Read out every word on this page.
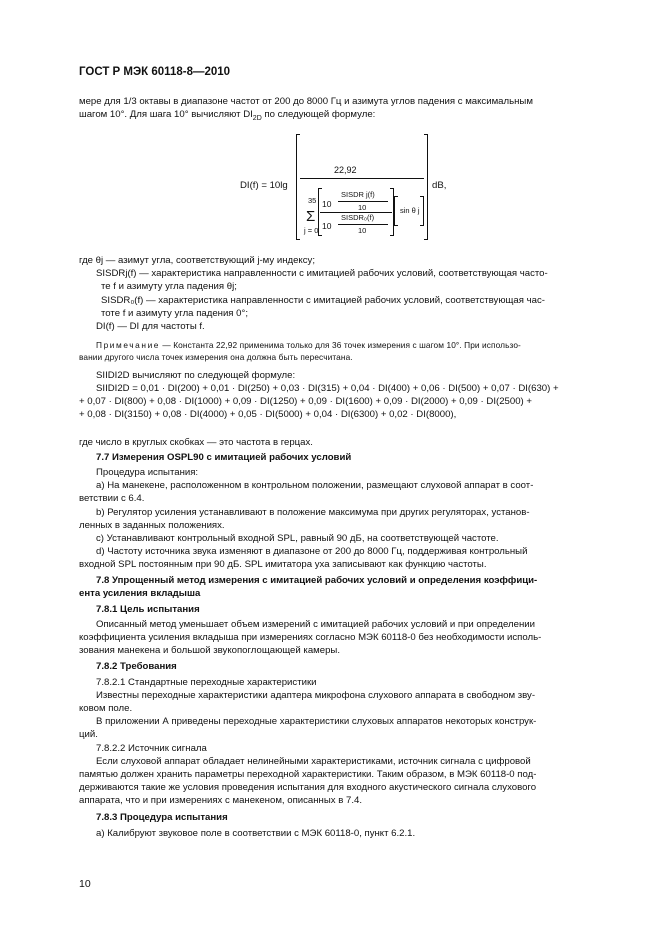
ГОСТ Р МЭК 60118-8—2010
мере для 1/3 октавы в диапазоне частот от 200 до 8000 Гц и азимута углов падения с максимальным
шагом 10°. Для шага 10° вычисляют $DI_{2D}$ по следующей формуле:
DI(f) = 10lg
22,92
dB,
35
Σ
j = 0
10
SISDR j(f)
10
10
SISDR₀(f)
10
sin θ j
где θj — азимут угла, соответствующий j-му индексу;
SISDRj(f) — характеристика направленности с имитацией рабочих условий, соответствующая часто-
те f и азимуту угла падения θj;
SISDR₀(f) — характеристика направленности с имитацией рабочих условий, соответствующая час-
тоте f и азимуту угла падения 0°;
DI(f) — DI для частоты f.
Примечание — Константа 22,92 применима только для 36 точек измерения с шагом 10°. При использо-
вании другого числа точек измерения она должна быть пересчитана.
SIIDI2D вычисляют по следующей формуле:
SIIDI2D = 0,01 · DI(200) + 0,01 · DI(250) + 0,03 · DI(315) + 0,04 · DI(400) + 0,06 · DI(500) + 0,07 · DI(630) +
+ 0,07 · DI(800) + 0,08 · DI(1000) + 0,09 · DI(1250) + 0,09 · DI(1600) + 0,09 · DI(2000) + 0,09 · DI(2500) +
+ 0,08 · DI(3150) + 0,08 · DI(4000) + 0,05 · DI(5000) + 0,04 · DI(6300) + 0,02 · DI(8000),
где число в круглых скобках — это частота в герцах.
7.7 Измерения OSPL90 с имитацией рабочих условий
Процедура испытания:
a) На манекене, расположенном в контрольном положении, размещают слуховой аппарат в соот-
ветствии с 6.4.
b) Регулятор усиления устанавливают в положение максимума при других регуляторах, установ-
ленных в заданных положениях.
c) Устанавливают контрольный входной SPL, равный 90 дБ, на соответствующей частоте.
d) Частоту источника звука изменяют в диапазоне от 200 до 8000 Гц, поддерживая контрольный
входной SPL постоянным при 90 дБ. SPL имитатора уха записывают как функцию частоты.
7.8 Упрощенный метод измерения с имитацией рабочих условий и определения коэффици-
ента усиления вкладыша
7.8.1 Цель испытания
Описанный метод уменьшает объем измерений с имитацией рабочих условий и при определении
коэффициента усиления вкладыша при измерениях согласно МЭК 60118-0 без необходимости исполь-
зования манекена и большой звукопоглощающей камеры.
7.8.2 Требования
7.8.2.1 Стандартные переходные характеристики
Известны переходные характеристики адаптера микрофона слухового аппарата в свободном зву-
ковом поле.
В приложении А приведены переходные характеристики слуховых аппаратов некоторых конструк-
ций.
7.8.2.2 Источник сигнала
Если слуховой аппарат обладает нелинейными характеристиками, источник сигнала с цифровой
памятью должен хранить параметры переходной характеристики. Таким образом, в МЭК 60118-0 под-
держиваются такие же условия проведения испытания для входного акустического сигнала слухового
аппарата, что и при измерениях с манекеном, описанных в 7.4.
7.8.3 Процедура испытания
a) Калибруют звуковое поле в соответствии с МЭК 60118-0, пункт 6.2.1.
10
